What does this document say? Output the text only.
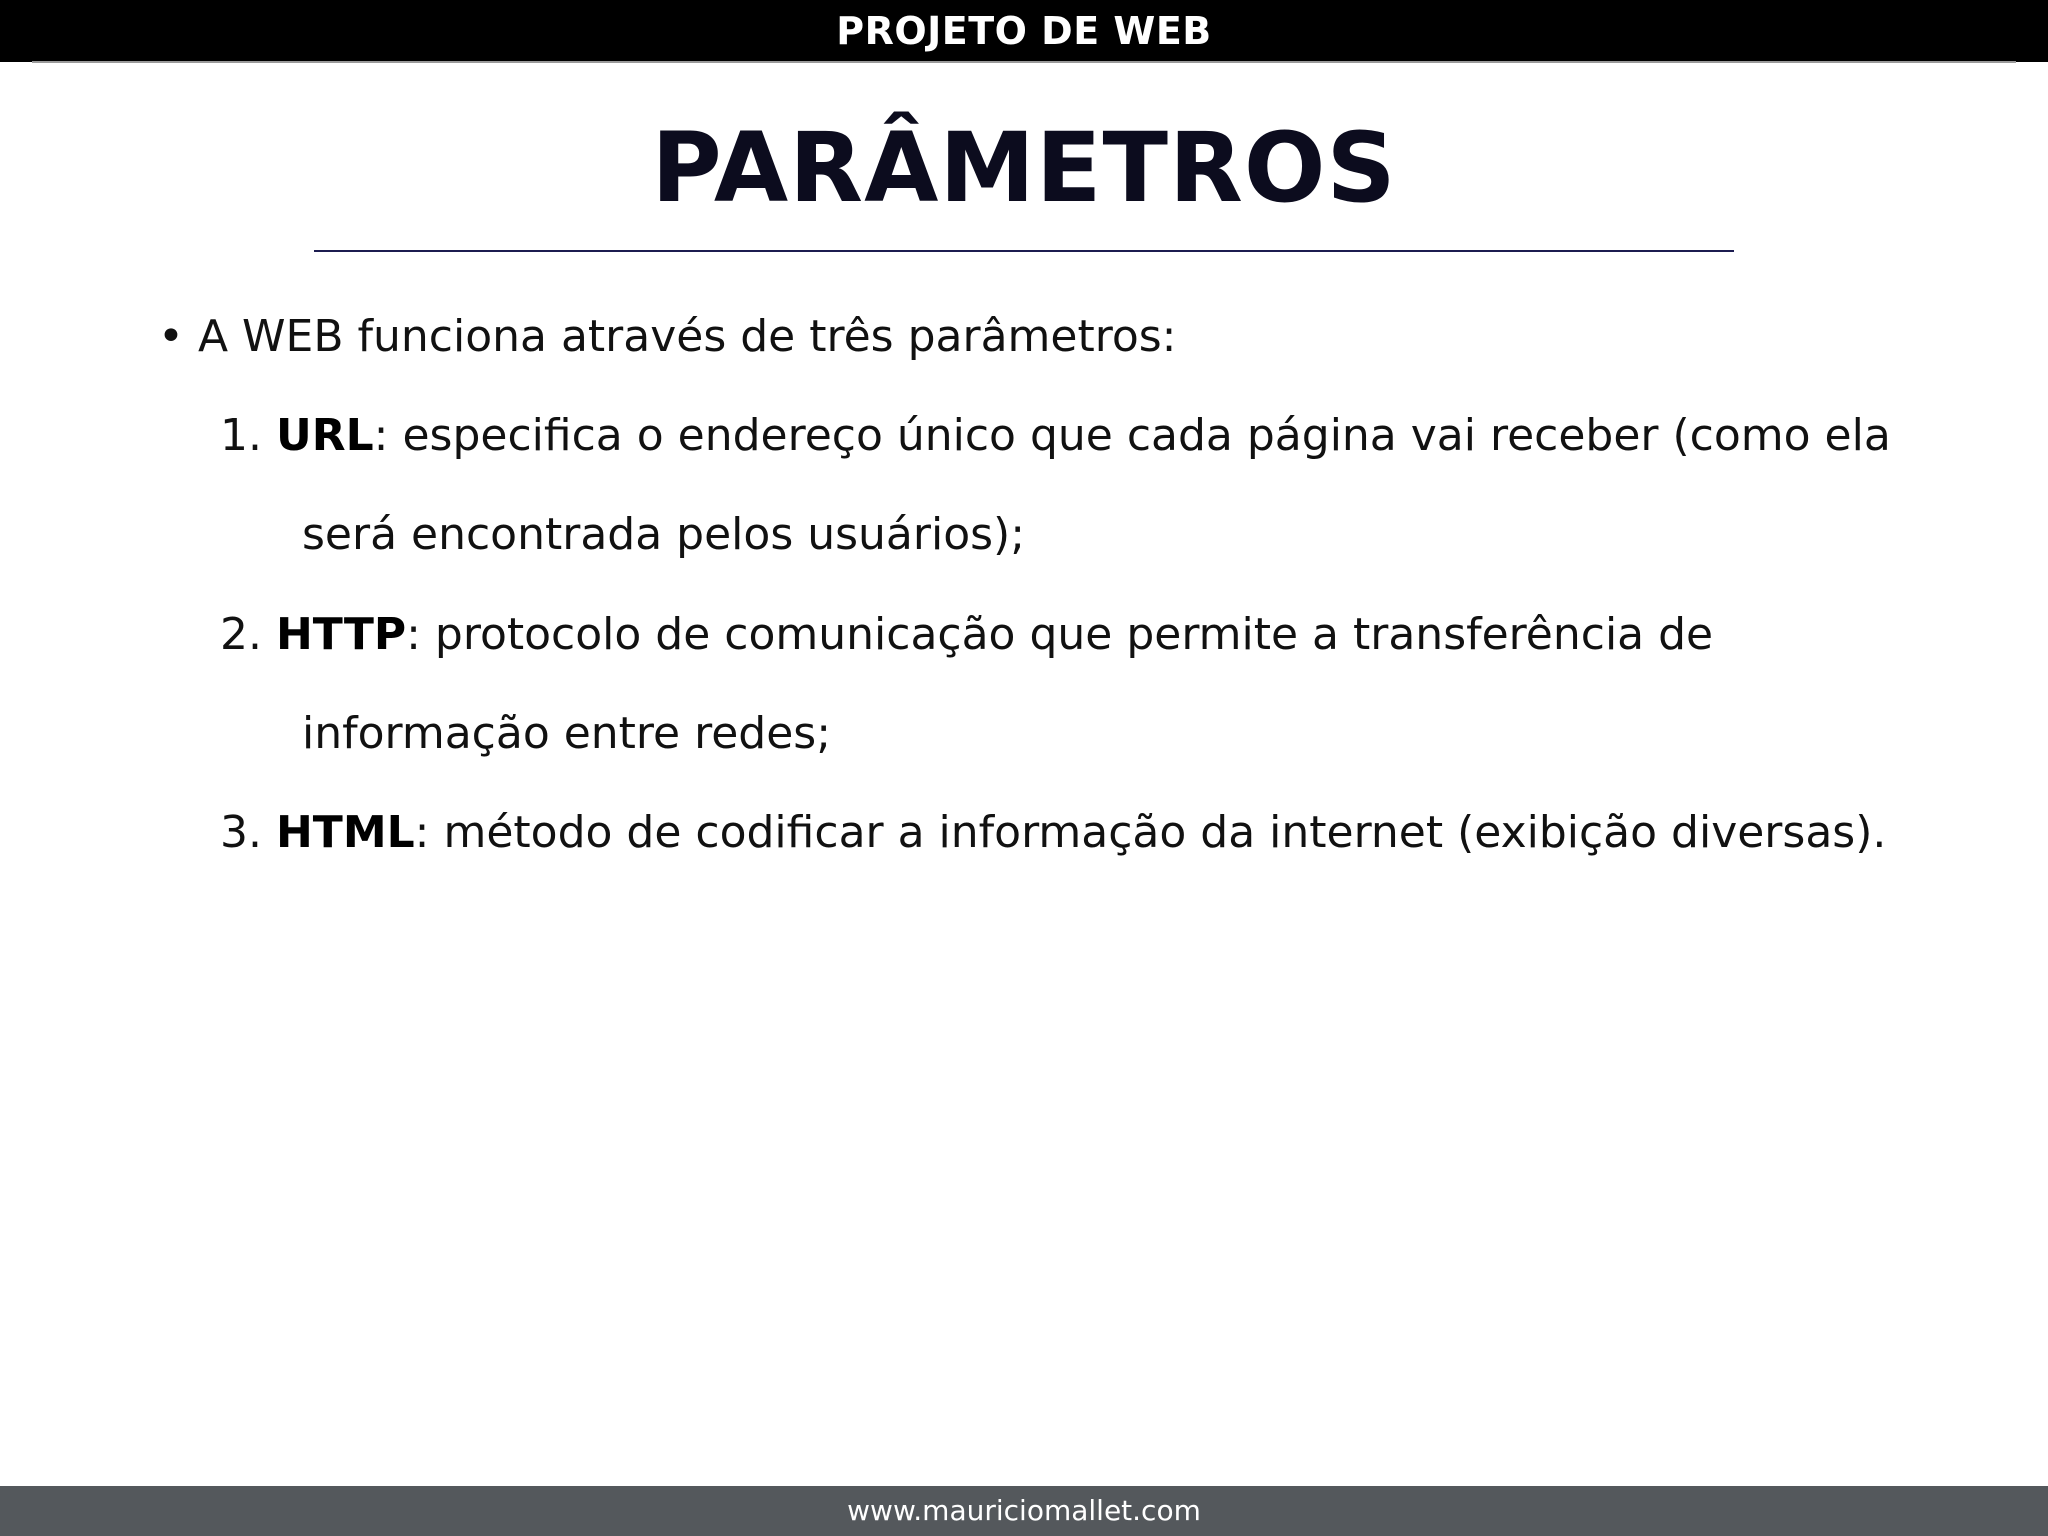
PROJETO DE WEB
PARÂMETROS
• A WEB funciona através de três parâmetros:
1. URL: especifica o endereço único que cada página vai receber (como ela
será encontrada pelos usuários);
2. HTTP: protocolo de comunicação que permite a transferência de
informação entre redes;
3. HTML: método de codificar a informação da internet (exibição diversas).
www.mauriciomallet.com
